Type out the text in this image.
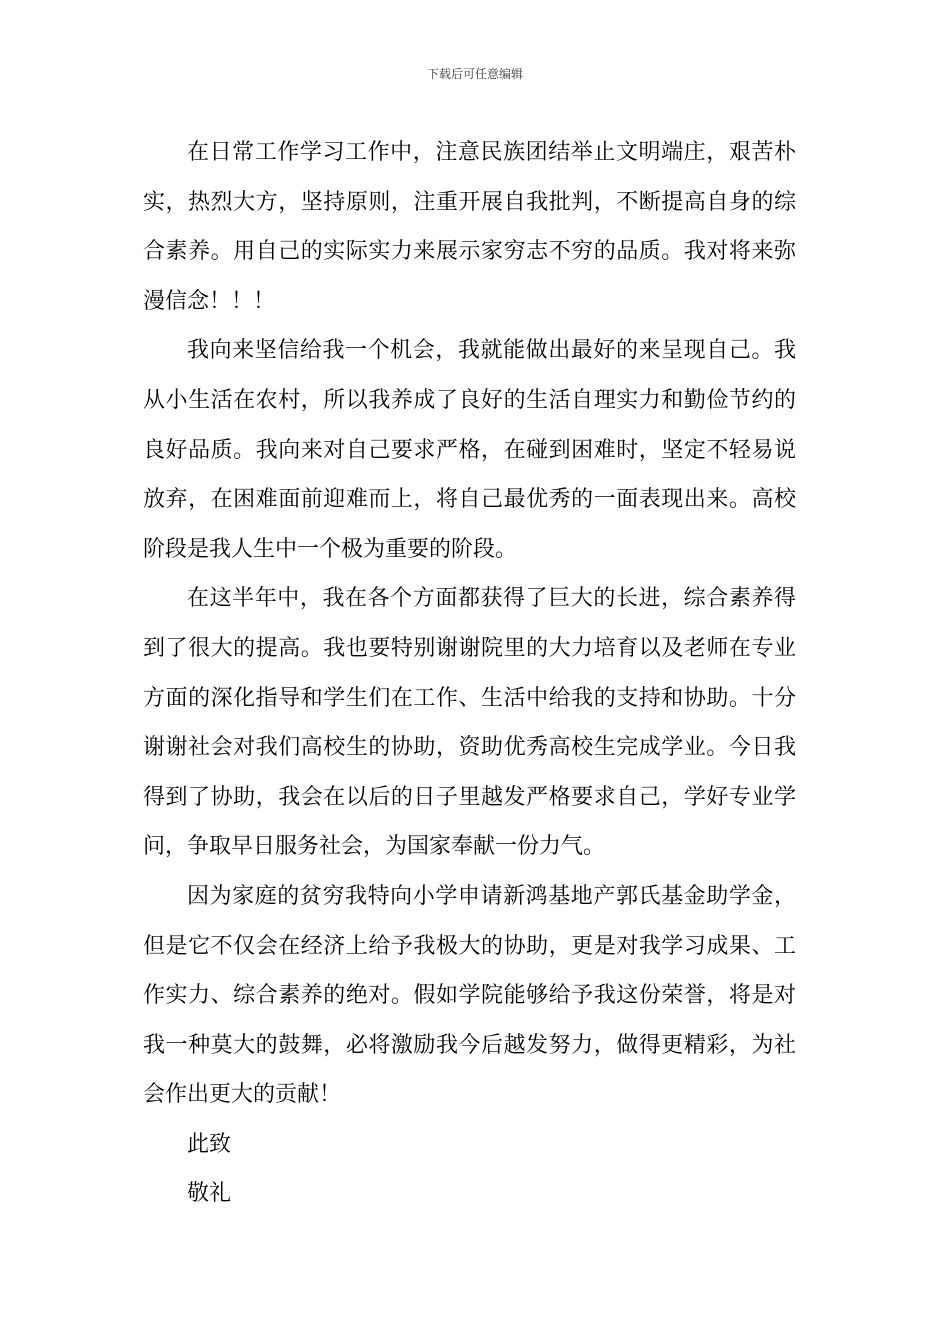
下载后可任意编辑

在日常工作学习工作中，注意民族团结举止文明端庄，艰苦朴实，热烈大方，坚持原则，注重开展自我批判，不断提高自身的综合素养。用自己的实际实力来展示家穷志不穷的品质。我对将来弥漫信念！！！

我向来坚信给我一个机会，我就能做出最好的来呈现自己。我从小生活在农村，所以我养成了良好的生活自理实力和勤俭节约的良好品质。我向来对自己要求严格，在碰到困难时，坚定不轻易说放弃，在困难面前迎难而上，将自己最优秀的一面表现出来。高校阶段是我人生中一个极为重要的阶段。

在这半年中，我在各个方面都获得了巨大的长进，综合素养得到了很大的提高。我也要特别谢谢院里的大力培育以及老师在专业方面的深化指导和学生们在工作、生活中给我的支持和协助。十分谢谢社会对我们高校生的协助，资助优秀高校生完成学业。今日我得到了协助，我会在以后的日子里越发严格要求自己，学好专业学问，争取早日服务社会，为国家奉献一份力气。

因为家庭的贫穷我特向小学申请新鸿基地产郭氏基金助学金，但是它不仅会在经济上给予我极大的协助，更是对我学习成果、工作实力、综合素养的绝对。假如学院能够给予我这份荣誉，将是对我一种莫大的鼓舞，必将激励我今后越发努力，做得更精彩，为社会作出更大的贡献！

此致

敬礼
